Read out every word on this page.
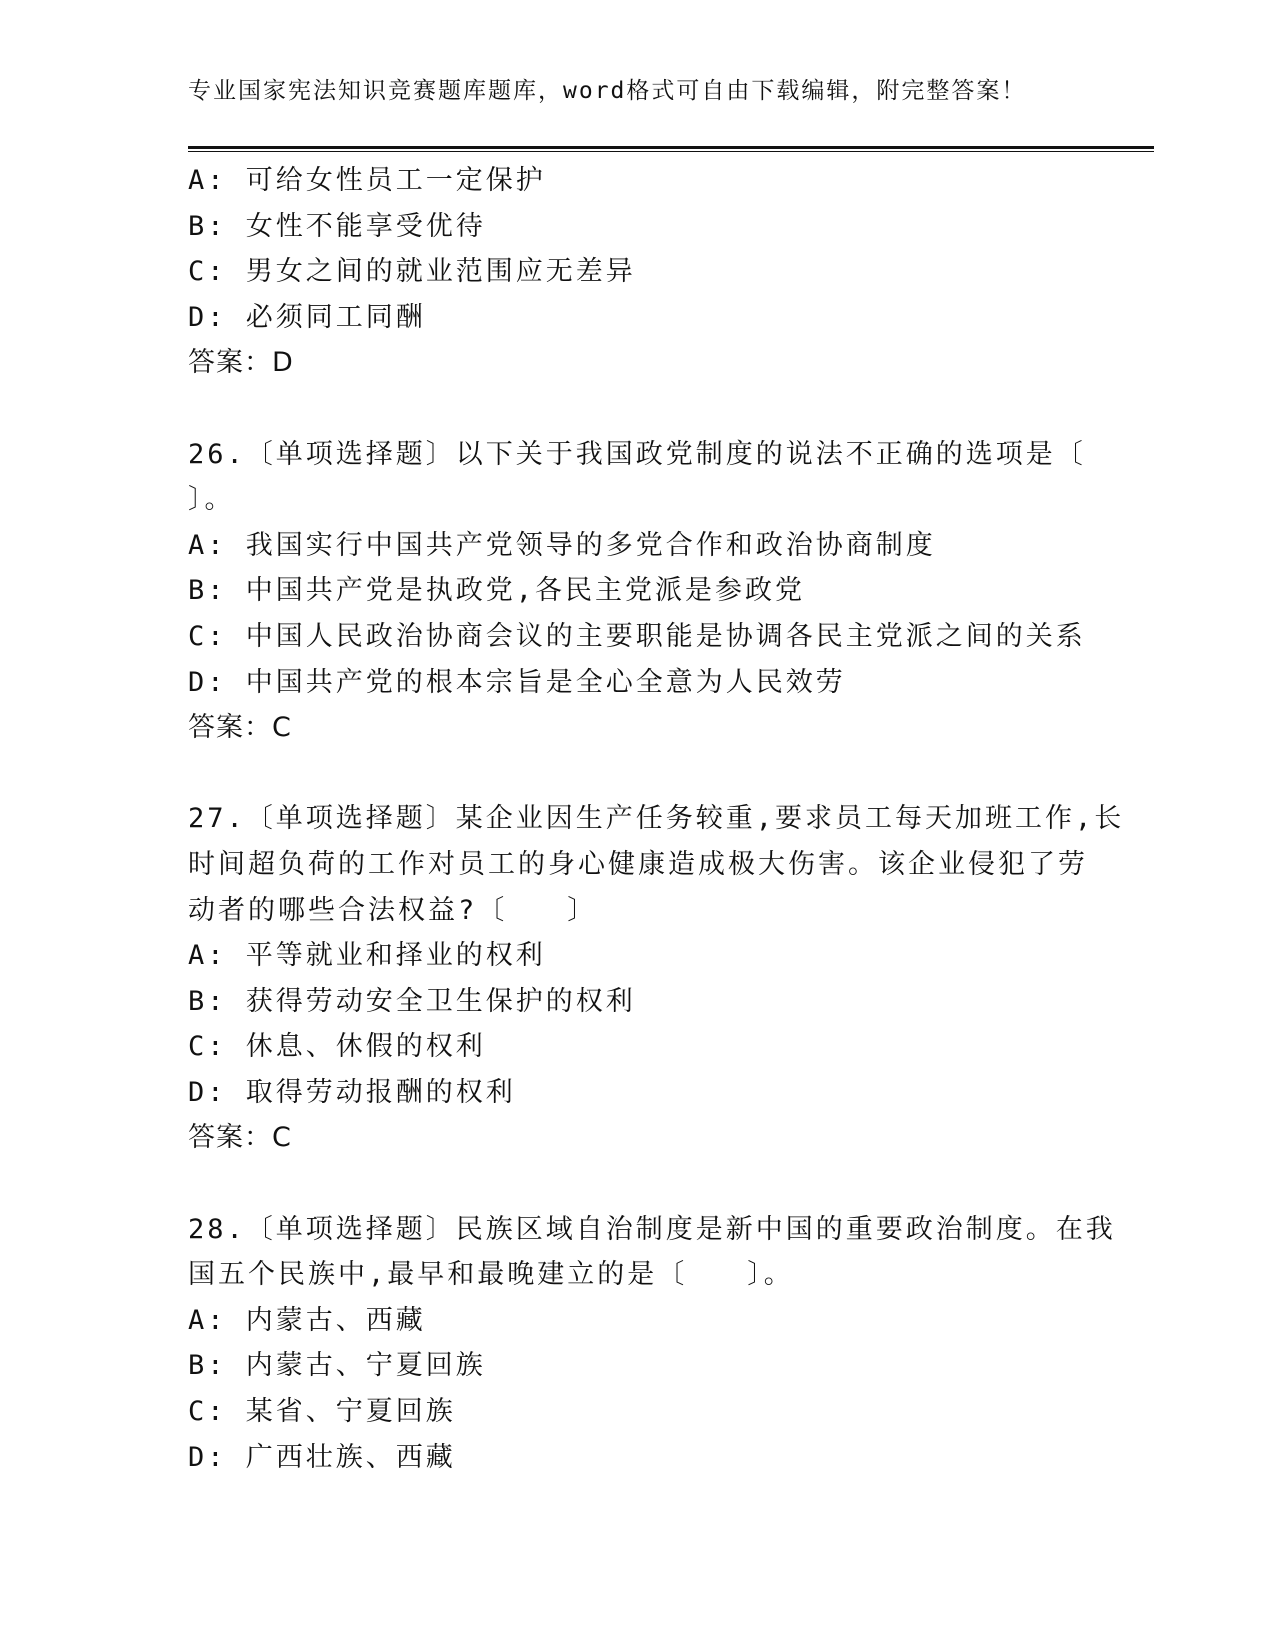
专业国家宪法知识竞赛题库题库，word格式可自由下载编辑，附完整答案！
A: 可给女性员工一定保护
B: 女性不能享受优待
C: 男女之间的就业范围应无差异
D: 必须同工同酬
答案：D
26.〔单项选择题〕以下关于我国政党制度的说法不正确的选项是〔
〕。
A: 我国实行中国共产党领导的多党合作和政治协商制度
B: 中国共产党是执政党,各民主党派是参政党
C: 中国人民政治协商会议的主要职能是协调各民主党派之间的关系
D: 中国共产党的根本宗旨是全心全意为人民效劳
答案：C
27.〔单项选择题〕某企业因生产任务较重,要求员工每天加班工作,长
时间超负荷的工作对员工的身心健康造成极大伤害。该企业侵犯了劳
动者的哪些合法权益?〔　　〕
A: 平等就业和择业的权利
B: 获得劳动安全卫生保护的权利
C: 休息、休假的权利
D: 取得劳动报酬的权利
答案：C
28.〔单项选择题〕民族区域自治制度是新中国的重要政治制度。在我
国五个民族中,最早和最晚建立的是〔　　〕。
A: 内蒙古、西藏
B: 内蒙古、宁夏回族
C: 某省、宁夏回族
D: 广西壮族、西藏
